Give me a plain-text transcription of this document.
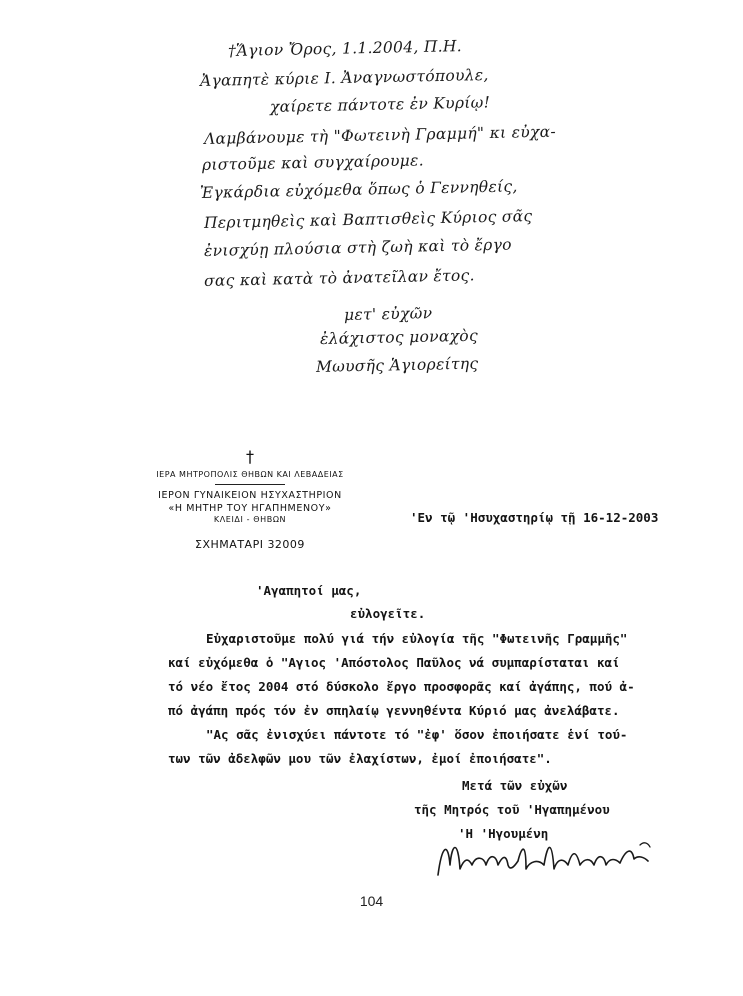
†Ἅγιον Ὄρος, 1.1.2004, Π.Η.
Ἀγαπητὲ κύριε Ι. Ἀναγνωστόπουλε,
χαίρετε πάντοτε ἐν Κυρίῳ!
Λαμβάνουμε τὴ "Φωτεινὴ Γραμμή" κι εὐχα-
ριστοῦμε καὶ συγχαίρουμε.
Ἐγκάρδια εὐχόμεθα ὅπως ὁ Γεννηθείς,
Περιτμηθεὶς καὶ Βαπτισθεὶς Κύριος σᾶς
ἐνισχύῃ πλούσια στὴ ζωὴ καὶ τὸ ἔργο
σας καὶ κατὰ τὸ ἀνατεῖλαν ἔτος.
μετ' εὐχῶν
ἐλάχιστος μοναχὸς
Μωυσῆς Ἁγιορείτης
†
ΙΕΡΑ ΜΗΤΡΟΠΟΛΙΣ ΘΗΒΩΝ ΚΑΙ ΛΕΒΑΔΕΙΑΣ
ΙΕΡΟΝ ΓΥΝΑΙΚΕΙΟΝ ΗΣΥΧΑΣΤΗΡΙΟΝ
«Η ΜΗΤΗΡ ΤΟΥ ΗΓΑΠΗΜΕΝΟΥ»
ΚΛΕΙΔΙ - ΘΗΒΩΝ
ΣΧΗΜΑΤΑΡΙ 32009
'Εν τῷ 'Ησυχαστηρίῳ τῇ 16-12-2003
'Αγαπητοί μας,
εὐλογεῖτε.
Εὐχαριστοῦμε πολύ γιά τήν εὐλογία τῆς "Φωτεινῆς Γραμμῆς"
καί εὐχόμεθα ὁ "Αγιος 'Απόστολος Παῦλος νά συμπαρίσταται καί
τό νέο ἔτος 2004 στό δύσκολο ἔργο προσφορᾶς καί ἀγάπης, πού ἀ-
πό ἀγάπη πρός τόν ἐν σπηλαίῳ γεννηθέντα Κύριό μας ἀνελάβατε.
"Ας σᾶς ἐνισχύει πάντοτε τό "ἐφ' ὅσον ἐποιήσατε ἑνί τού-
των τῶν ἀδελφῶν μου τῶν ἐλαχίστων, ἐμοί ἐποιήσατε".
Μετά τῶν εὐχῶν
τῆς Μητρός τοῦ 'Ηγαπημένου
'Η 'Ηγουμένη
104
